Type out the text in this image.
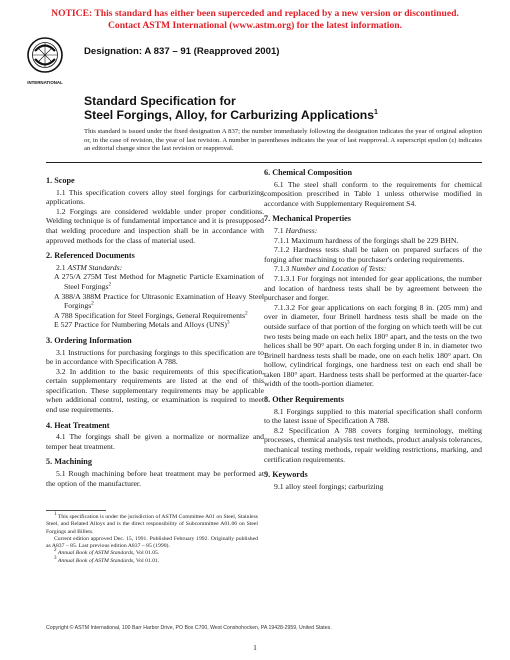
NOTICE: This standard has either been superceded and replaced by a new version or discontinued.
Contact ASTM International (www.astm.org) for the latest information.
INTERNATIONAL
Designation: A 837 – 91 (Reapproved 2001)
Standard Specification for
Steel Forgings, Alloy, for Carburizing Applications$^1$
This standard is issued under the fixed designation A 837; the number immediately following the designation indicates the year of original adoption or, in the case of revision, the year of last revision. A number in parentheses indicates the year of last reapproval. A superscript epsilon (ε) indicates an editorial change since the last revision or reapproval.
1. Scope

1.1 This specification covers alloy steel forgings for carburizing applications.

1.2 Forgings are considered weldable under proper conditions. Welding technique is of fundamental importance and it is presupposed that welding procedure and inspection shall be in accordance with approved methods for the class of material used.

2. Referenced Documents

2.1 ASTM Standards:

A 275/A 275M Test Method for Magnetic Particle Examination of Steel Forgings$^2$

A 388/A 388M Practice for Ultrasonic Examination of Heavy Steel Forgings$^2$

A 788 Specification for Steel Forgings, General Requirements$^2$

E 527 Practice for Numbering Metals and Alloys (UNS)$^3$

3. Ordering Information

3.1 Instructions for purchasing forgings to this specification are to be in accordance with Specification A 788.

3.2 In addition to the basic requirements of this specification, certain supplementary requirements are listed at the end of this specification. These supplementary requirements may be applicable when additional control, testing, or examination is required to meet end use requirements.

4. Heat Treatment

4.1 The forgings shall be given a normalize or normalize and temper heat treatment.

5. Machining

5.1 Rough machining before heat treatment may be performed at the option of the manufacturer.

6. Chemical Composition

6.1 The steel shall conform to the requirements for chemical composition prescribed in Table 1 unless otherwise modified in accordance with Supplementary Requirement S4.

7. Mechanical Properties

7.1 Hardness:

7.1.1 Maximum hardness of the forgings shall be 229 BHN.

7.1.2 Hardness tests shall be taken on prepared surfaces of the forging after machining to the purchaser's ordering requirements.

7.1.3 Number and Location of Tests:

7.1.3.1 For forgings not intended for gear applications, the number and location of hardness tests shall be by agreement between the purchaser and forger.

7.1.3.2 For gear applications on each forging 8 in. (205 mm) and over in diameter, four Brinell hardness tests shall be made on the outside surface of that portion of the forging on which teeth will be cut two tests being made on each helix 180° apart, and the tests on the two helices shall be 90° apart. On each forging under 8 in. in diameter two Brinell hardness tests shall be made, one on each helix 180° apart. On hollow, cylindrical forgings, one hardness test on each end shall be taken 180° apart. Hardness tests shall be performed at the quarter-face width of the tooth-portion diameter.

8. Other Requirements

8.1 Forgings supplied to this material specification shall conform to the latest issue of Specification A 788.

8.2 Specification A 788 covers forging terminology, melting processes, chemical analysis test methods, product analysis tolerances, mechanical testing methods, repair welding restrictions, marking, and certification requirements.

9. Keywords

9.1 alloy steel forgings; carburizing

$^1$ This specification is under the jurisdiction of ASTM Committee A01 on Steel, Stainless Steel, and Related Alloys and is the direct responsibility of Subcommittee A01.06 on Steel Forgings and Billets.

Current edition approved Dec. 15, 1991. Published February 1992. Originally published as A837 – 85. Last previous edition A837 – 85 (1990).

$^2$ Annual Book of ASTM Standards, Vol 01.05.

$^3$ Annual Book of ASTM Standards, Vol 01.01.

Copyright © ASTM International, 100 Barr Harbor Drive, PO Box C700, West Conshohocken, PA 19428-2959, United States.
1
